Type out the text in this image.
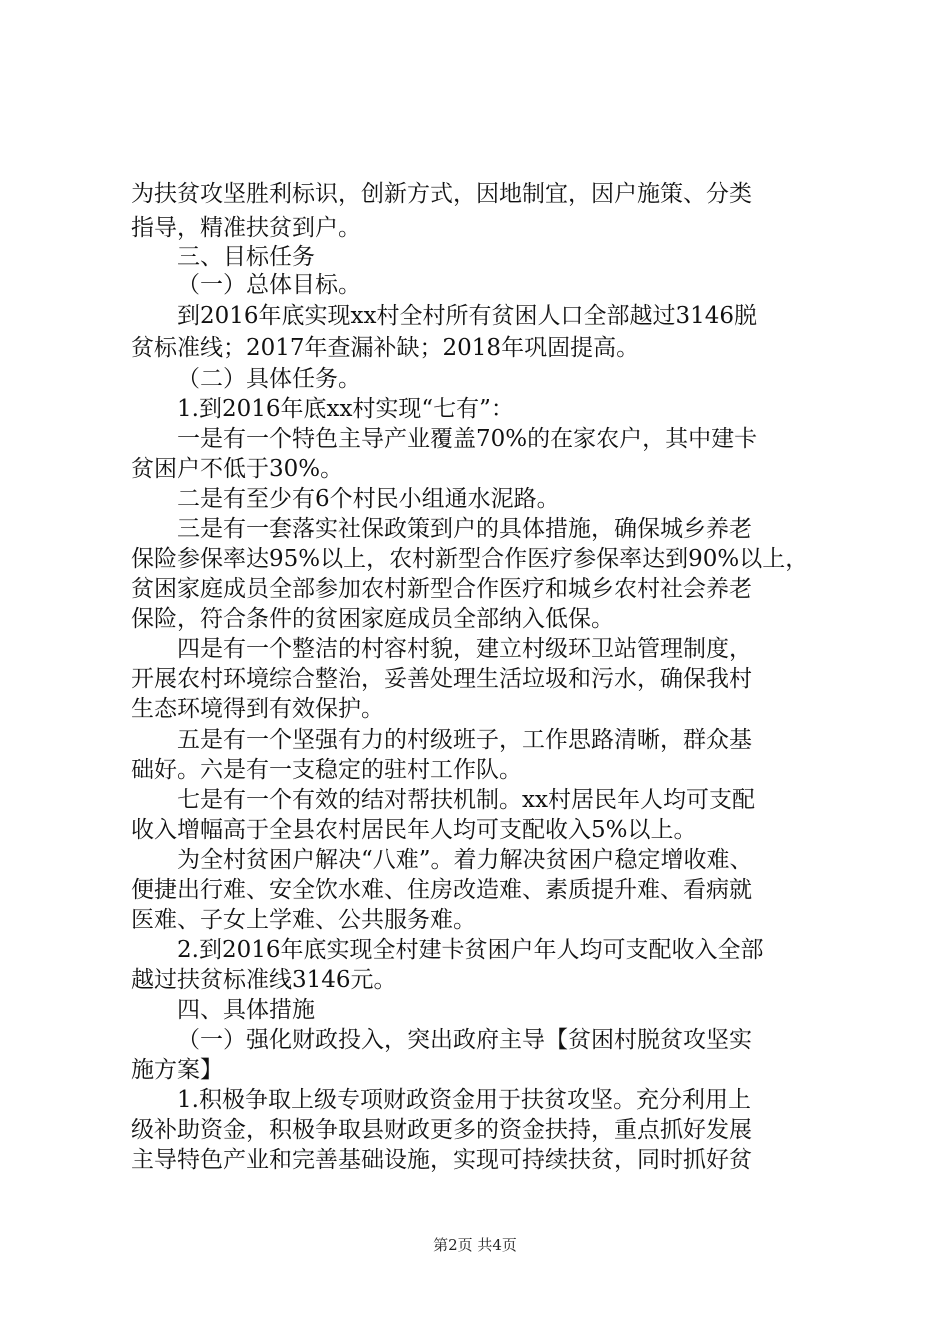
为扶贫攻坚胜利标识，创新方式，因地制宜，因户施策、分类
指导，精准扶贫到户。
三、目标任务
（一）总体目标。
到2016年底实现xx村全村所有贫困人口全部越过3146脱
贫标准线；2017年查漏补缺；2018年巩固提高。
（二）具体任务。
1.到2016年底xx村实现“七有”：
一是有一个特色主导产业覆盖70%的在家农户，其中建卡
贫困户不低于30%。
二是有至少有6个村民小组通水泥路。
三是有一套落实社保政策到户的具体措施，确保城乡养老
保险参保率达95%以上，农村新型合作医疗参保率达到90%以上，
贫困家庭成员全部参加农村新型合作医疗和城乡农村社会养老
保险，符合条件的贫困家庭成员全部纳入低保。
四是有一个整洁的村容村貌，建立村级环卫站管理制度，
开展农村环境综合整治，妥善处理生活垃圾和污水，确保我村
生态环境得到有效保护。
五是有一个坚强有力的村级班子，工作思路清晰，群众基
础好。六是有一支稳定的驻村工作队。
七是有一个有效的结对帮扶机制。xx村居民年人均可支配
收入增幅高于全县农村居民年人均可支配收入5%以上。
为全村贫困户解决“八难”。着力解决贫困户稳定增收难、
便捷出行难、安全饮水难、住房改造难、素质提升难、看病就
医难、子女上学难、公共服务难。
2.到2016年底实现全村建卡贫困户年人均可支配收入全部
越过扶贫标准线3146元。
四、具体措施
（一）强化财政投入，突出政府主导【贫困村脱贫攻坚实
施方案】
1.积极争取上级专项财政资金用于扶贫攻坚。充分利用上
级补助资金，积极争取县财政更多的资金扶持，重点抓好发展
主导特色产业和完善基础设施，实现可持续扶贫，同时抓好贫
第2页 共4页
